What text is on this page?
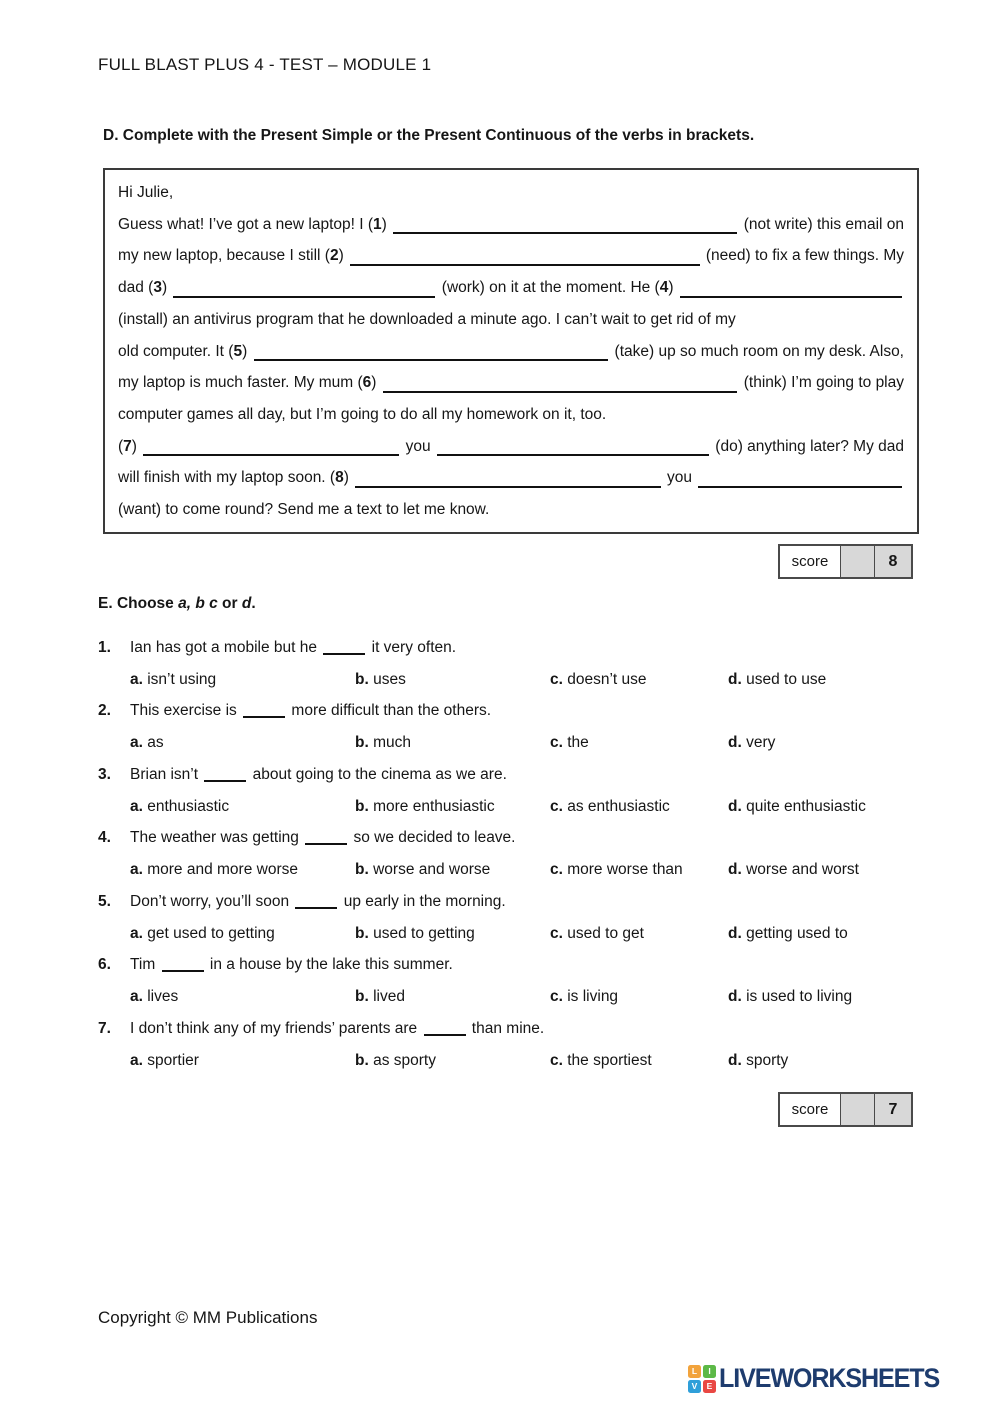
FULL BLAST PLUS 4 - TEST – MODULE 1
D. Complete with the Present Simple or the Present Continuous of the verbs in brackets.
Hi Julie,
Guess what! I’ve got a new laptop! I ( 1 )	(not write) this email on
my new laptop, because I still ( 2 )	(need) to fix a few things. My
dad ( 3 )	(work) on it at the moment. He ( 4 )
(install) an antivirus program that he downloaded a minute ago. I can’t wait to get rid of my
old computer. It ( 5 )	(take) up so much room on my desk. Also,
my laptop is much faster. My mum ( 6 )	(think) I’m going to play
computer games all day, but I’m going to do all my homework on it, too.
( 7 )	you	(do) anything later? My dad
will finish with my laptop soon. ( 8 )	you
(want) to come round? Send me a text to let me know.
score	8
E. Choose a, b c or d.
1.	Ian has got a mobile but he	it very often.
a. isn’t using	b. uses	c. doesn’t use	d. used to use
2.	This exercise is	more difficult than the others.
a. as	b. much	c. the	d. very
3.	Brian isn’t	about going to the cinema as we are.
a. enthusiastic	b. more enthusiastic	c. as enthusiastic	d. quite enthusiastic
4.	The weather was getting	so we decided to leave.
a. more and more worse	b. worse and worse	c. more worse than	d. worse and worst
5.	Don’t worry, you’ll soon	up early in the morning.
a. get used to getting	b. used to getting	c. used to get	d. getting used to
6.	Tim	in a house by the lake this summer.
a. lives	b. lived	c. is living	d. is used to living
7.	I don’t think any of my friends’ parents are	than mine.
a. sportier	b. as sporty	c. the sportiest	d. sporty
score	7
Copyright © MM Publications
L	I
V	E LIVEWORKSHEETS
